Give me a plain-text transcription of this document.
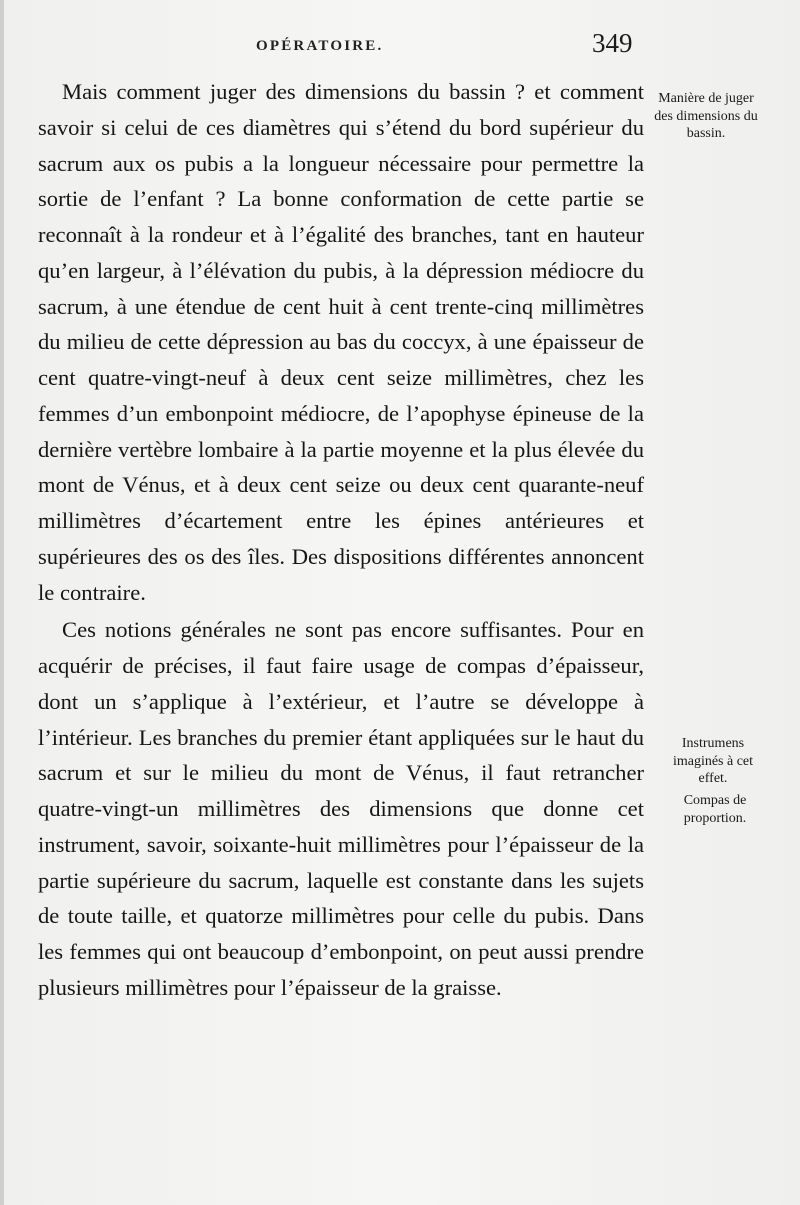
OPÉRATOIRE.	349

Mais comment juger des dimensions du bassin ? et comment savoir si celui de ces diamètres qui s’étend du bord supérieur du sacrum aux os pubis a la longueur nécessaire pour permettre la sortie de l’enfant ? La bonne conformation de cette partie se reconnaît à la rondeur et à l’égalité des branches, tant en hauteur qu’en largeur, à l’élévation du pubis, à la dépression médiocre du sacrum, à une étendue de cent huit à cent trente-cinq millimètres du milieu de cette dépression au bas du coccyx, à une épaisseur de cent quatre-vingt-neuf à deux cent seize millimètres, chez les femmes d’un embonpoint médiocre, de l’apophyse épineuse de la dernière vertèbre lombaire à la partie moyenne et la plus élevée du mont de Vénus, et à deux cent seize ou deux cent quarante-neuf millimètres d’écartement entre les épines antérieures et supérieures des os des îles. Des dispositions différentes annoncent le contraire.

Ces notions générales ne sont pas encore suffisantes. Pour en acquérir de précises, il faut faire usage de compas d’épaisseur, dont un s’applique à l’extérieur, et l’autre se développe à l’intérieur. Les branches du premier étant appliquées sur le haut du sacrum et sur le milieu du mont de Vénus, il faut retrancher quatre-vingt-un millimètres des dimensions que donne cet instrument, savoir, soixante-huit millimètres pour l’épaisseur de la partie supérieure du sacrum, laquelle est constante dans les sujets de toute taille, et quatorze millimètres pour celle du pubis. Dans les femmes qui ont beaucoup d’embonpoint, on peut aussi prendre plusieurs millimètres pour l’épaisseur de la graisse.

Manière de juger des dimensions du bassin.
Instrumens imaginés à cet effet.
Compas de proportion.
